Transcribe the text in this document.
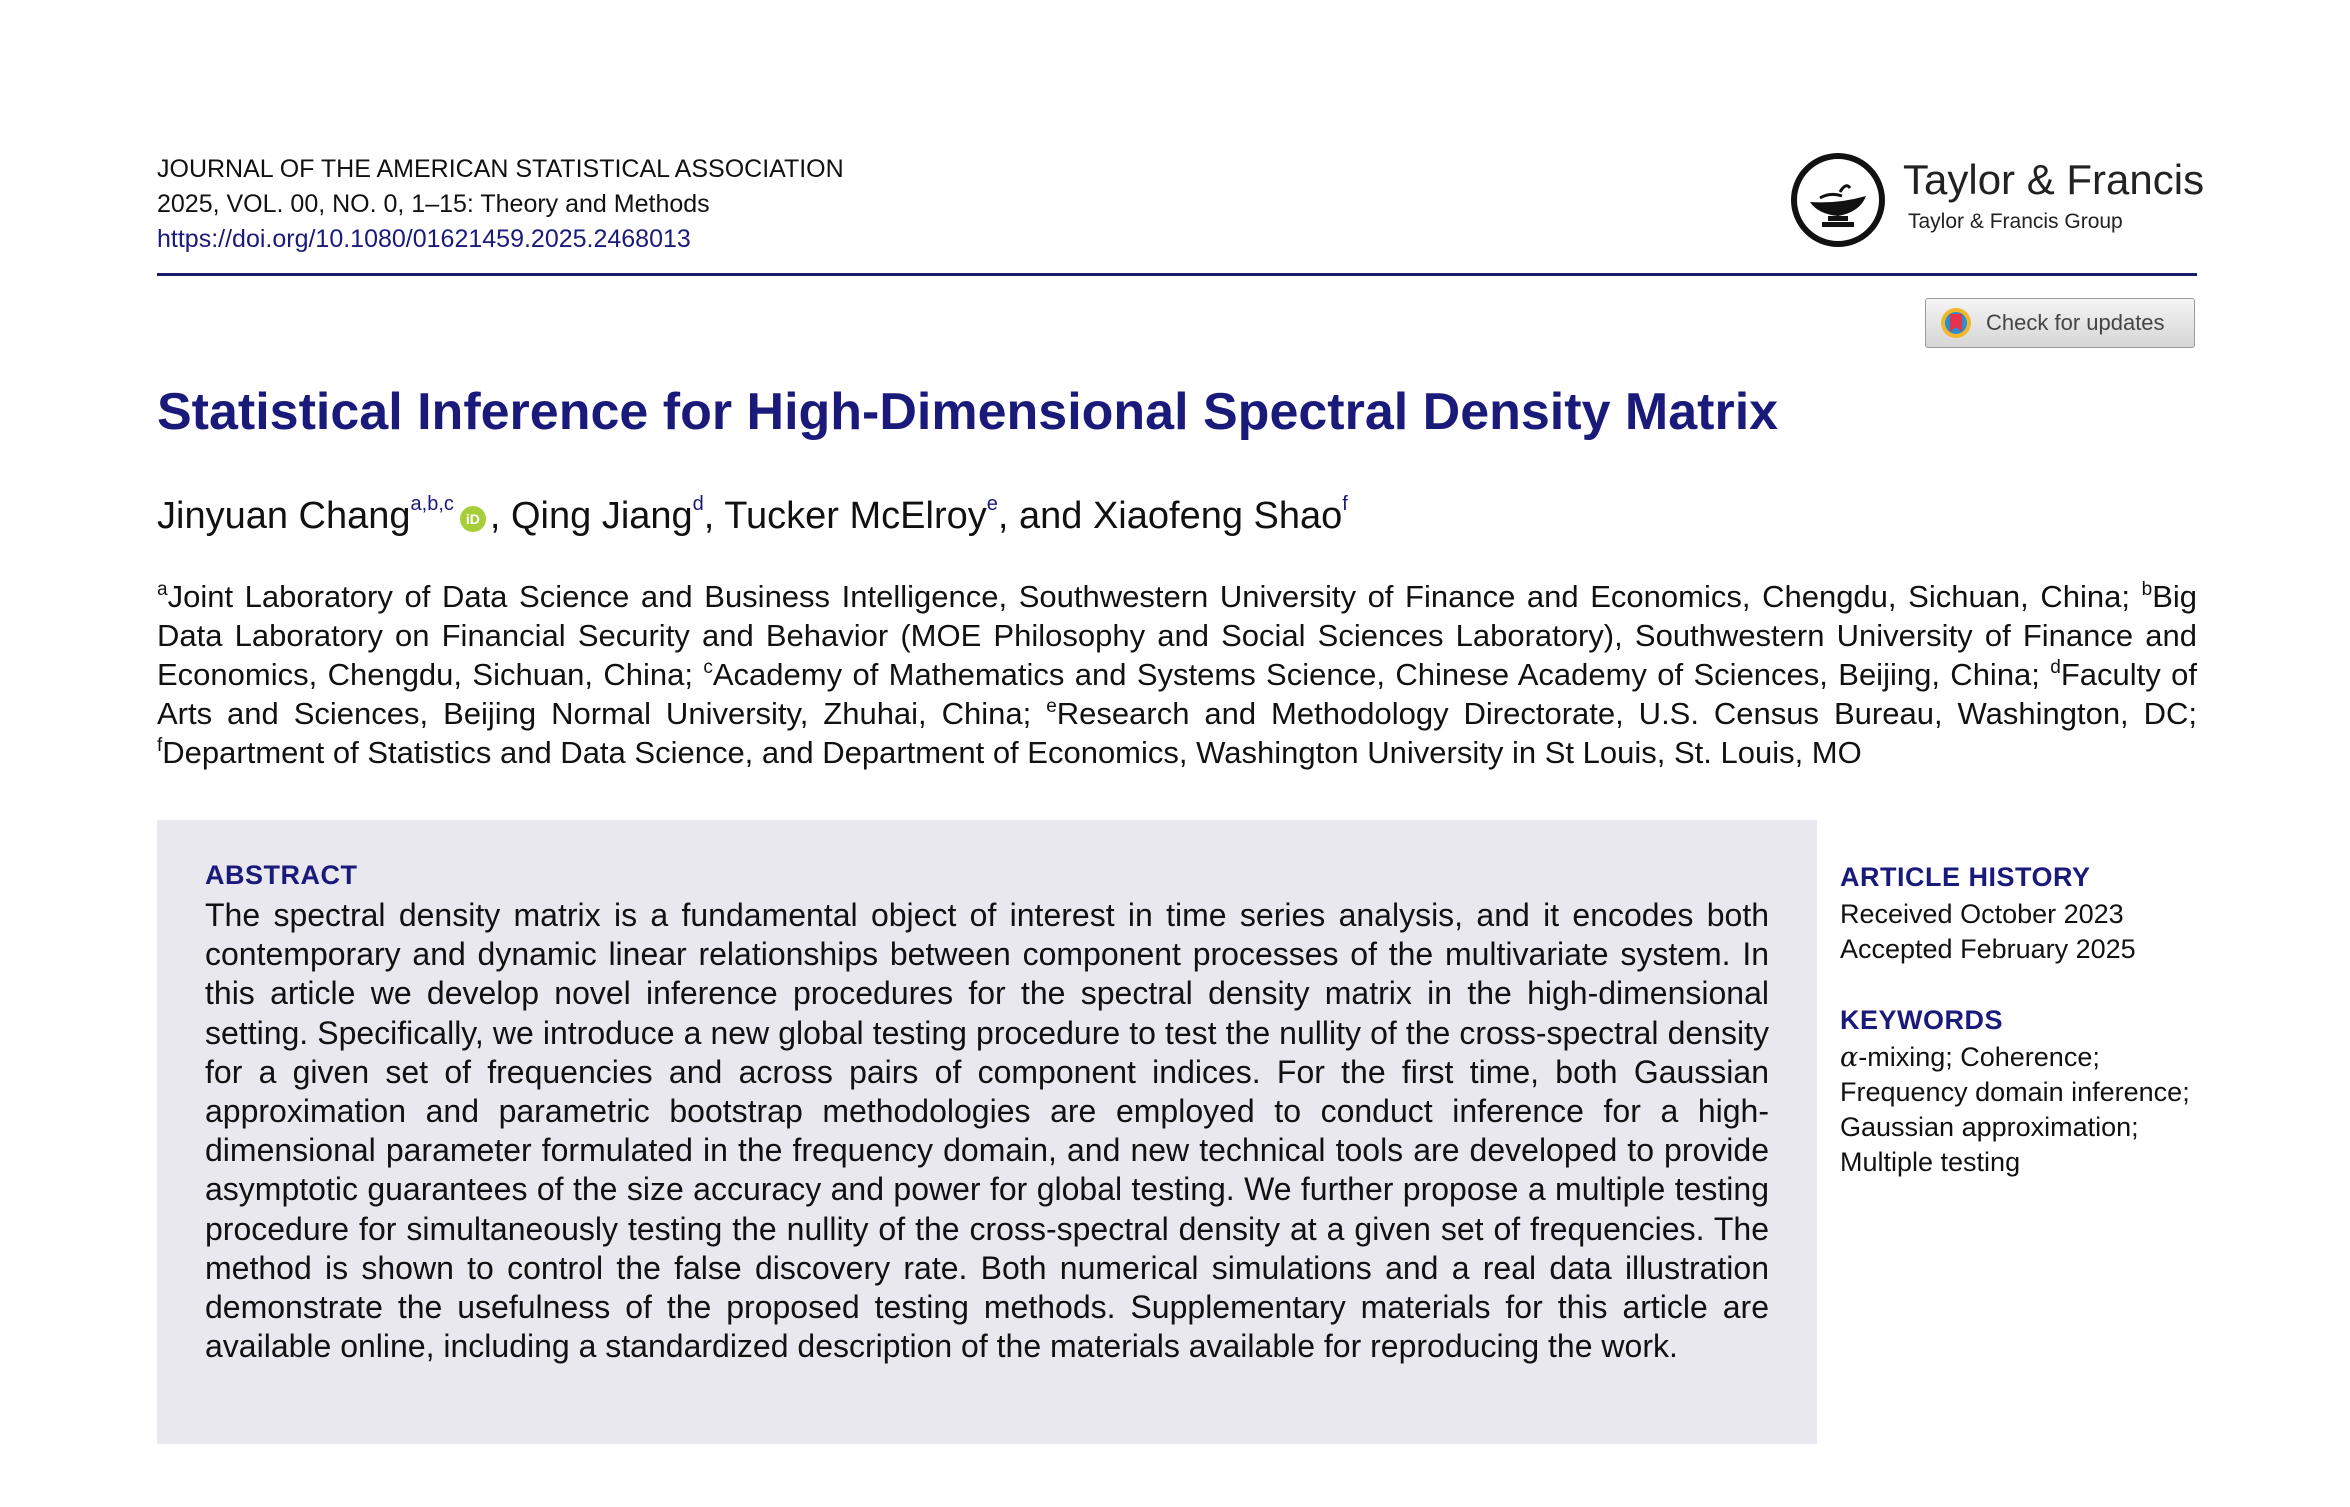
JOURNAL OF THE AMERICAN STATISTICAL ASSOCIATION
2025, VOL. 00, NO. 0, 1–15: Theory and Methods
https://doi.org/10.1080/01621459.2025.2468013
Taylor & Francis
Taylor & Francis Group
Check for updates
Statistical Inference for High-Dimensional Spectral Density Matrix
Jinyuan Chang$^{a,b,c}$iD , Qing Jiang$^d$, Tucker McElroy$^e$, and Xiaofeng Shao$^f$
$^a$Joint Laboratory of Data Science and Business Intelligence, Southwestern University of Finance and Economics, Chengdu, Sichuan, China; $^b$Big Data Laboratory on Financial Security and Behavior (MOE Philosophy and Social Sciences Laboratory), Southwestern University of Finance and Economics, Chengdu, Sichuan, China; $^c$Academy of Mathematics and Systems Science, Chinese Academy of Sciences, Beijing, China; $^d$Faculty of Arts and Sciences, Beijing Normal University, Zhuhai, China; $^e$Research and Methodology Directorate, U.S. Census Bureau, Washington, DC; $^f$Department of Statistics and Data Science, and Department of Economics, Washington University in St Louis, St. Louis, MO
ABSTRACT
The spectral density matrix is a fundamental object of interest in time series analysis, and it encodes both contemporary and dynamic linear relationships between component processes of the multivariate system. In this article we develop novel inference procedures for the spectral density matrix in the high-dimensional setting. Specifically, we introduce a new global testing procedure to test the nullity of the cross-spectral density for a given set of frequencies and across pairs of component indices. For the first time, both Gaussian approximation and parametric bootstrap methodologies are employed to conduct inference for a high-dimensional parameter formulated in the frequency domain, and new technical tools are developed to provide asymptotic guarantees of the size accuracy and power for global testing. We further propose a multiple testing procedure for simultaneously testing the nullity of the cross-spectral density at a given set of frequencies. The method is shown to control the false discovery rate. Both numerical simulations and a real data illustration demonstrate the usefulness of the proposed testing methods. Supplementary materials for this article are available online, including a standardized description of the materials available for reproducing the work.
ARTICLE HISTORY
Received October 2023
Accepted February 2025
KEYWORDS
α-mixing; Coherence;
Frequency domain inference;
Gaussian approximation;
Multiple testing
